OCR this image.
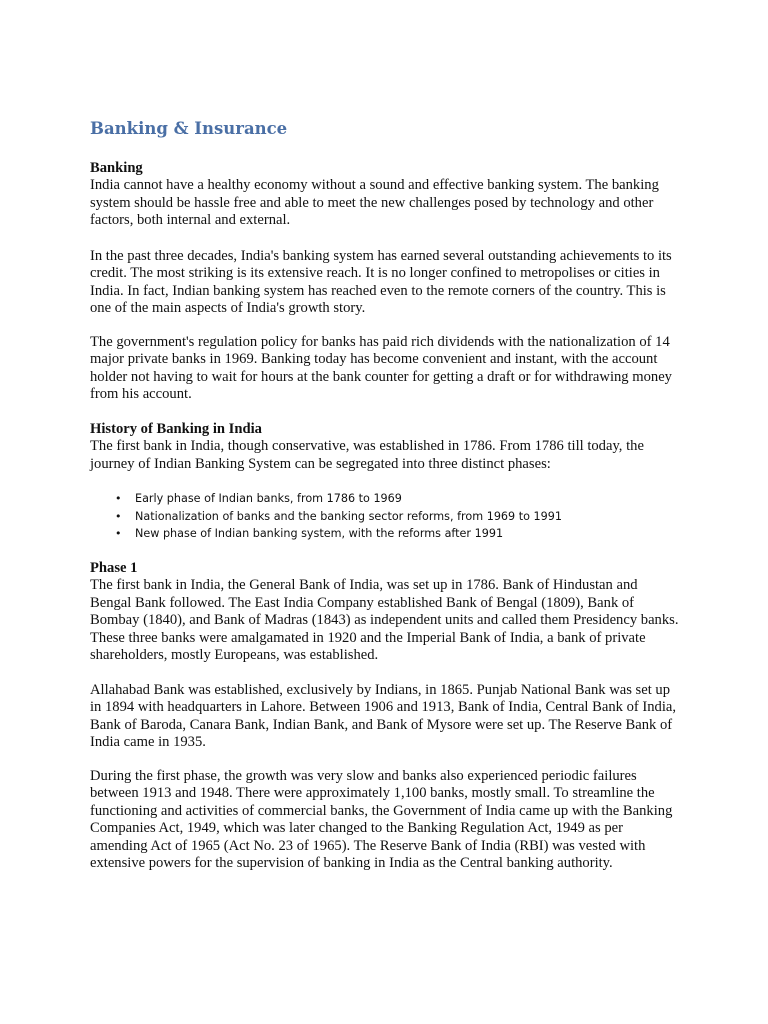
Banking & Insurance

Banking

India cannot have a healthy economy without a sound and effective banking system. The banking system should be hassle free and able to meet the new challenges posed by technology and other factors, both internal and external.

In the past three decades, India's banking system has earned several outstanding achievements to its credit. The most striking is its extensive reach. It is no longer confined to metropolises or cities in India. In fact, Indian banking system has reached even to the remote corners of the country. This is one of the main aspects of India's growth story.

The government's regulation policy for banks has paid rich dividends with the nationalization of 14 major private banks in 1969. Banking today has become convenient and instant, with the account holder not having to wait for hours at the bank counter for getting a draft or for withdrawing money from his account.

History of Banking in India

The first bank in India, though conservative, was established in 1786. From 1786 till today, the journey of Indian Banking System can be segregated into three distinct phases:

• Early phase of Indian banks, from 1786 to 1969
• Nationalization of banks and the banking sector reforms, from 1969 to 1991
• New phase of Indian banking system, with the reforms after 1991

Phase 1

The first bank in India, the General Bank of India, was set up in 1786. Bank of Hindustan and Bengal Bank followed. The East India Company established Bank of Bengal (1809), Bank of Bombay (1840), and Bank of Madras (1843) as independent units and called them Presidency banks. These three banks were amalgamated in 1920 and the Imperial Bank of India, a bank of private shareholders, mostly Europeans, was established.

Allahabad Bank was established, exclusively by Indians, in 1865. Punjab National Bank was set up in 1894 with headquarters in Lahore. Between 1906 and 1913, Bank of India, Central Bank of India, Bank of Baroda, Canara Bank, Indian Bank, and Bank of Mysore were set up. The Reserve Bank of India came in 1935.

During the first phase, the growth was very slow and banks also experienced periodic failures between 1913 and 1948. There were approximately 1,100 banks, mostly small. To streamline the functioning and activities of commercial banks, the Government of India came up with the Banking Companies Act, 1949, which was later changed to the Banking Regulation Act, 1949 as per amending Act of 1965 (Act No. 23 of 1965). The Reserve Bank of India (RBI) was vested with extensive powers for the supervision of banking in India as the Central banking authority.
